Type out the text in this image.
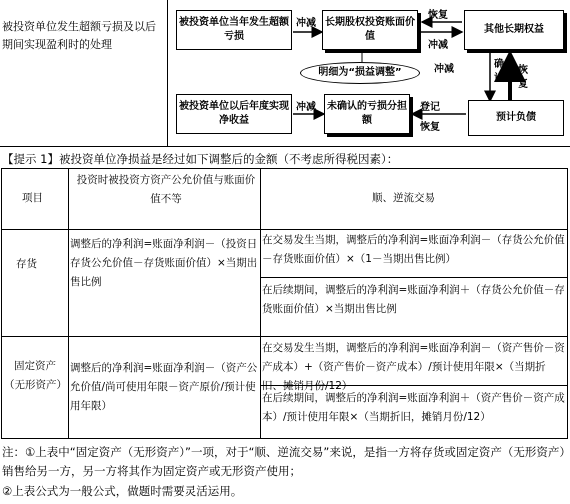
被投资单位发生超额亏损及以后期间实现盈利时的处理
被投资单位当年发生超额亏损
长期股权投资账面价值
其他长期权益
被投资单位以后年度实现净收益
未确认的亏损分担额	预计负债
明细为“损益调整”
冲减
恢复
冲减
冲减
确认
恢复
登记
恢复
冲减
【提示 1】被投资单位净损益是经过如下调整后的金额（不考虑所得税因素）：
项目
投资时被投资方资产公允价值与账面价值不等	顺、逆流交易
存货
调整后的净利润=账面净利润－（投资日存货公允价值－存货账面价值）×当期出售比例
在交易发生当期，调整后的净利润=账面净利润－（存货公允价值－存货账面价值）×（1－当期出售比例）
在后续期间，调整后的净利润=账面净利润＋（存货公允价值－存货账面价值）×当期出售比例
固定资产（无形资产）
调整后的净利润=账面净利润－（资产公允价值/尚可使用年限－资产原价/预计使用年限）
在交易发生当期，调整后的净利润=账面净利润－（资产售价－资产成本）+（资产售价－资产成本）/预计使用年限×（当期折旧、摊销月份/12）
在后续期间，调整后的净利润=账面净利润＋（资产售价－资产成本）/预计使用年限×（当期折旧，摊销月份/12）
注：①上表中“固定资产（无形资产）”一项，对于“顺、逆流交易”来说，是指一方将存货或固定资产（无形资产）销售给另一方，另一方将其作为固定资产或无形资产使用；
②上表公式为一般公式，做题时需要灵活运用。
